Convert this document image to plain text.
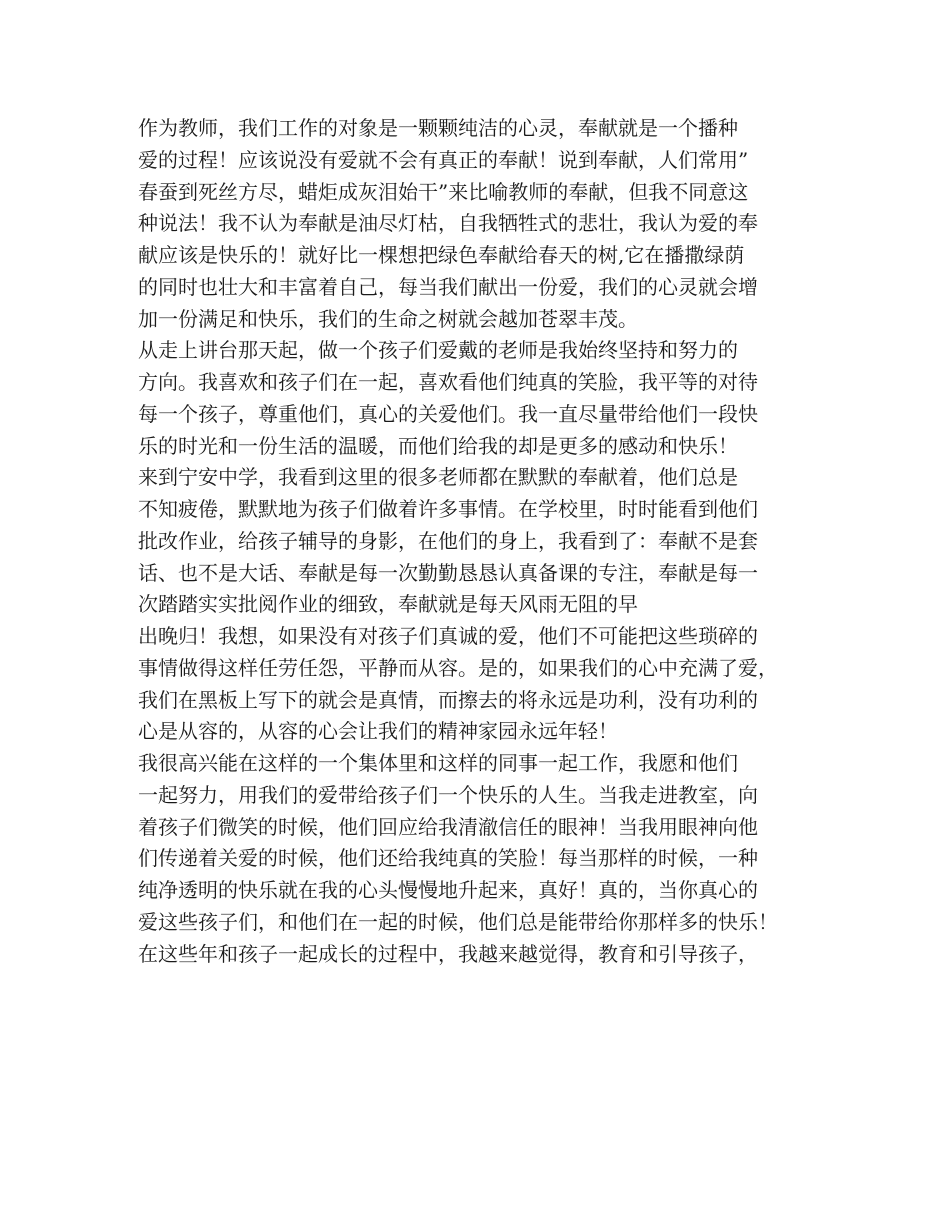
作为教师，我们工作的对象是一颗颗纯洁的心灵，奉献就是一个播种
爱的过程！应该说没有爱就不会有真正的奉献！说到奉献，人们常用”
春蚕到死丝方尽，蜡炬成灰泪始干”来比喻教师的奉献，但我不同意这
种说法！我不认为奉献是油尽灯枯，自我牺牲式的悲壮，我认为爱的奉
献应该是快乐的！就好比一棵想把绿色奉献给春天的树,它在播撒绿荫
的同时也壮大和丰富着自己，每当我们献出一份爱，我们的心灵就会增
加一份满足和快乐，我们的生命之树就会越加苍翠丰茂。
从走上讲台那天起，做一个孩子们爱戴的老师是我始终坚持和努力的
方向。我喜欢和孩子们在一起，喜欢看他们纯真的笑脸，我平等的对待
每一个孩子，尊重他们，真心的关爱他们。我一直尽量带给他们一段快
乐的时光和一份生活的温暖，而他们给我的却是更多的感动和快乐！
来到宁安中学，我看到这里的很多老师都在默默的奉献着，他们总是
不知疲倦，默默地为孩子们做着许多事情。在学校里，时时能看到他们
批改作业，给孩子辅导的身影，在他们的身上，我看到了：奉献不是套
话、也不是大话、奉献是每一次勤勤恳恳认真备课的专注，奉献是每一
次踏踏实实批阅作业的细致，奉献就是每天风雨无阻的早
出晚归！我想，如果没有对孩子们真诚的爱，他们不可能把这些琐碎的
事情做得这样任劳任怨，平静而从容。是的，如果我们的心中充满了爱，
我们在黑板上写下的就会是真情，而擦去的将永远是功利，没有功利的
心是从容的，从容的心会让我们的精神家园永远年轻！
我很高兴能在这样的一个集体里和这样的同事一起工作，我愿和他们
一起努力，用我们的爱带给孩子们一个快乐的人生。当我走进教室，向
着孩子们微笑的时候，他们回应给我清澈信任的眼神！当我用眼神向他
们传递着关爱的时候，他们还给我纯真的笑脸！每当那样的时候，一种
纯净透明的快乐就在我的心头慢慢地升起来，真好！真的，当你真心的
爱这些孩子们，和他们在一起的时候，他们总是能带给你那样多的快乐！
在这些年和孩子一起成长的过程中，我越来越觉得，教育和引导孩子，
